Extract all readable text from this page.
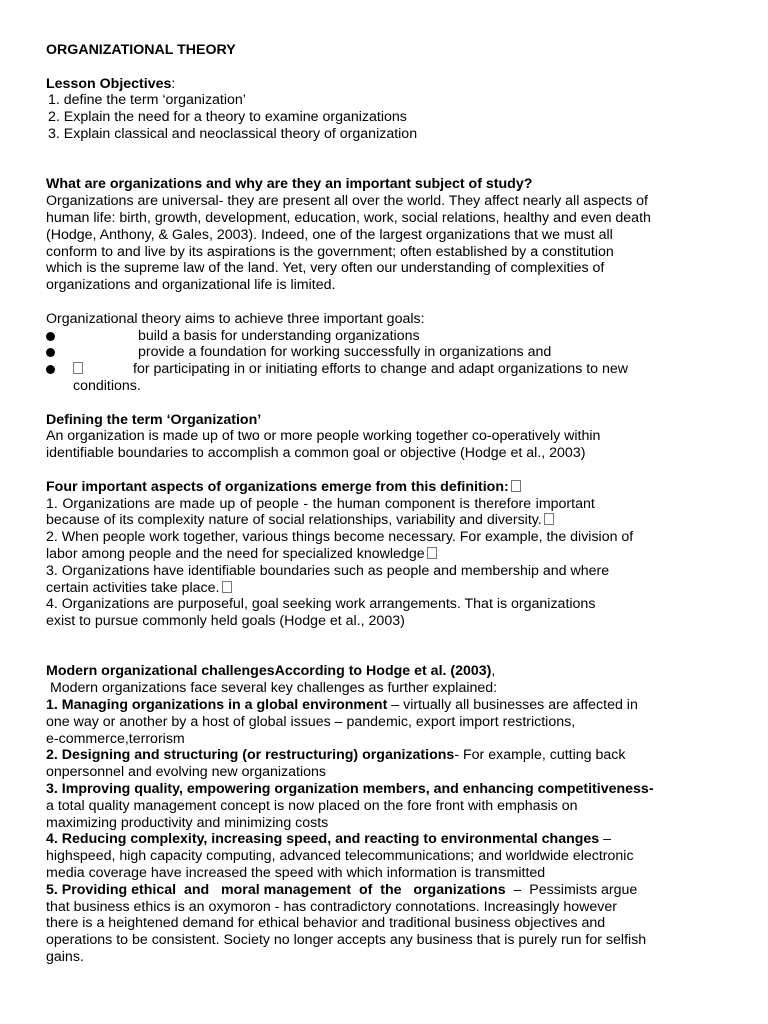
ORGANIZATIONAL THEORY

Lesson Objectives:

1. define the term ‘organization’

2. Explain the need for a theory to examine organizations

3. Explain classical and neoclassical theory of organization

What are organizations and why are they an important subject of study?

Organizations are universal- they are present all over the world. They affect nearly all aspects of

human life: birth, growth, development, education, work, social relations, healthy and even death

(Hodge, Anthony, & Gales, 2003). Indeed, one of the largest organizations that we must all

conform to and live by its aspirations is the government; often established by a constitution

which is the supreme law of the land. Yet, very often our understanding of complexities of

organizations and organizational life is limited.

Organizational theory aims to achieve three important goals:

build a basis for understanding organizations
provide a foundation for working successfully in organizations and
for participating in or initiating efforts to change and adapt organizations to new

conditions.

Defining the term ‘Organization’

An organization is made up of two or more people working together co-operatively within

identifiable boundaries to accomplish a common goal or objective (Hodge et al., 2003)

Four important aspects of organizations emerge from this definition:

1. Organizations are made up of people - the human component is therefore important

because of its complexity nature of social relationships, variability and diversity.

2. When people work together, various things become necessary. For example, the division of

labor among people and the need for specialized knowledge

3. Organizations have identifiable boundaries such as people and membership and where

certain activities take place.

4. Organizations are purposeful, goal seeking work arrangements. That is organizations

exist to pursue commonly held goals (Hodge et al., 2003)

Modern organizational challengesAccording to Hodge et al. (2003),

Modern organizations face several key challenges as further explained:

1. Managing organizations in a global environment – virtually all businesses are affected in

one way or another by a host of global issues – pandemic, export import restrictions,

e-commerce,terrorism

2. Designing and structuring (or restructuring) organizations- For example, cutting back

onpersonnel and evolving new organizations

3. Improving quality, empowering organization members, and enhancing competitiveness-

a total quality management concept is now placed on the fore front with emphasis on

maximizing productivity and minimizing costs

4. Reducing complexity, increasing speed, and reacting to environmental changes –

highspeed, high capacity computing, advanced telecommunications; and worldwide electronic

media coverage have increased the speed with which information is transmitted

5. Providing ethical  and   moral management  of  the   organizations  –  Pessimists argue

that business ethics is an oxymoron - has contradictory connotations. Increasingly however

there is a heightened demand for ethical behavior and traditional business objectives and

operations to be consistent. Society no longer accepts any business that is purely run for selfish

gains.
